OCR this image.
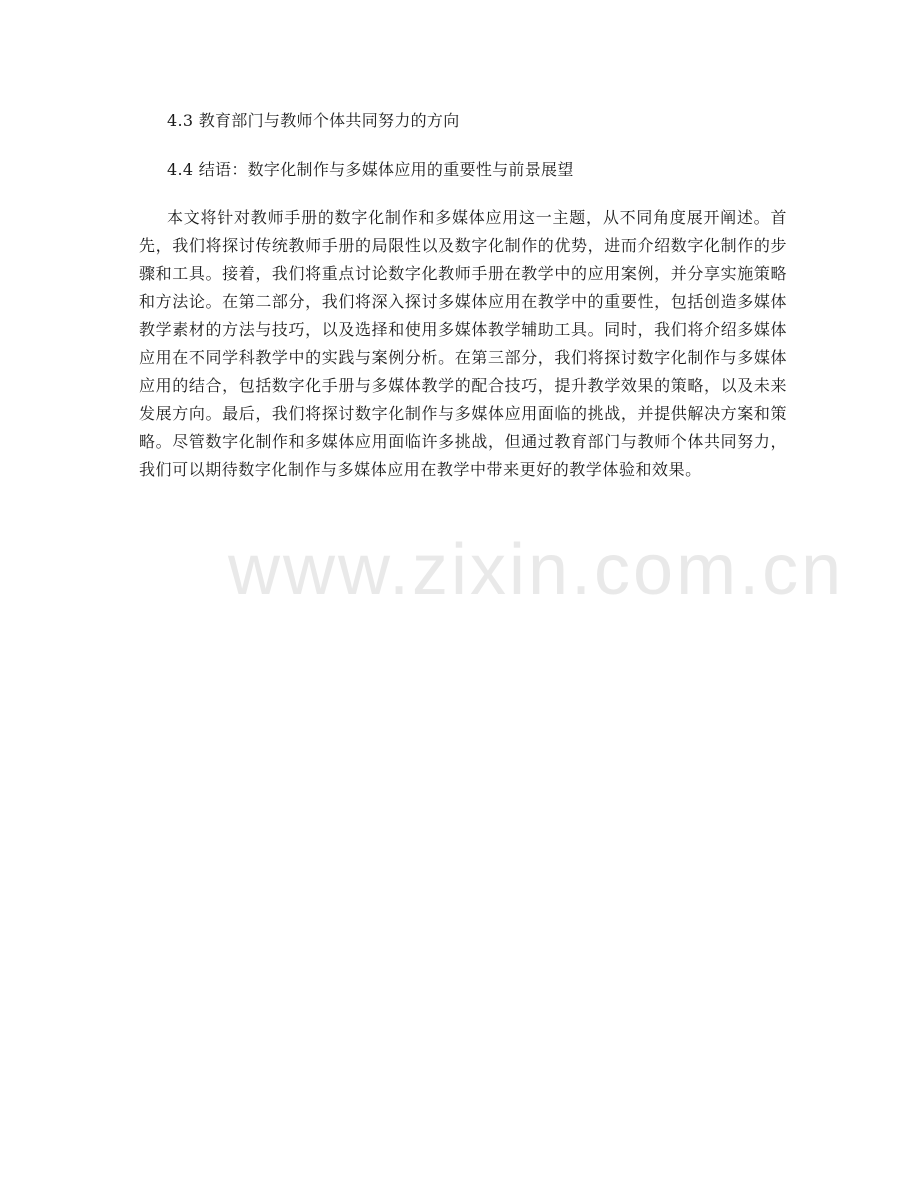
www.zixin.com.cn
4.3 教育部门与教师个体共同努力的方向
4.4 结语：数字化制作与多媒体应用的重要性与前景展望

本文将针对教师手册的数字化制作和多媒体应用这一主题，从不同角度展开阐述。首先，我们将探讨传统教师手册的局限性以及数字化制作的优势，进而介绍数字化制作的步骤和工具。接着，我们将重点讨论数字化教师手册在教学中的应用案例，并分享实施策略和方法论。在第二部分，我们将深入探讨多媒体应用在教学中的重要性，包括创造多媒体教学素材的方法与技巧，以及选择和使用多媒体教学辅助工具。同时，我们将介绍多媒体应用在不同学科教学中的实践与案例分析。在第三部分，我们将探讨数字化制作与多媒体应用的结合，包括数字化手册与多媒体教学的配合技巧，提升教学效果的策略，以及未来发展方向。最后，我们将探讨数字化制作与多媒体应用面临的挑战，并提供解决方案和策略。尽管数字化制作和多媒体应用面临许多挑战，但通过教育部门与教师个体共同努力，我们可以期待数字化制作与多媒体应用在教学中带来更好的教学体验和效果。
